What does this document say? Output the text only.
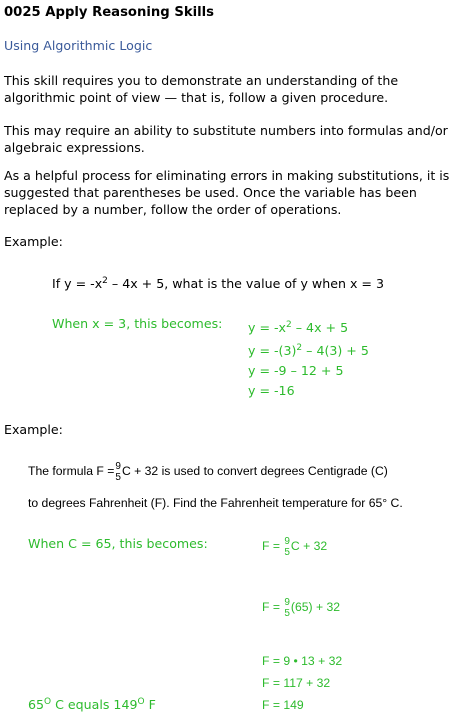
0025 Apply Reasoning Skills
Using Algorithmic Logic
This skill requires you to demonstrate an understanding of the algorithmic point of view — that is, follow a given procedure.
This may require an ability to substitute numbers into formulas and/or algebraic expressions.
As a helpful process for eliminating errors in making substitutions, it is suggested that parentheses be used. Once the variable has been replaced by a number, follow the order of operations.
Example:
If $y = -x^2 - 4x + 5$, what is the value of y when x = 3
When x = 3, this becomes: $y = -x^2 - 4x + 5$
$y = -(3)^2 - 4(3) + 5$
y = -9 – 12 + 5
y = -16
Example:
The formula F = 9
5 C + 32 is used to convert degrees Centigrade (C)
to degrees Fahrenheit (F). Find the Fahrenheit temperature for 65° C.
When C = 65, this becomes:	F = 9
5 C + 32
F = 9
5 (65) + 32
F = 9 • 13 + 32
F = 117 + 32
F = 149
$65^O$ C equals $149^O$ F
